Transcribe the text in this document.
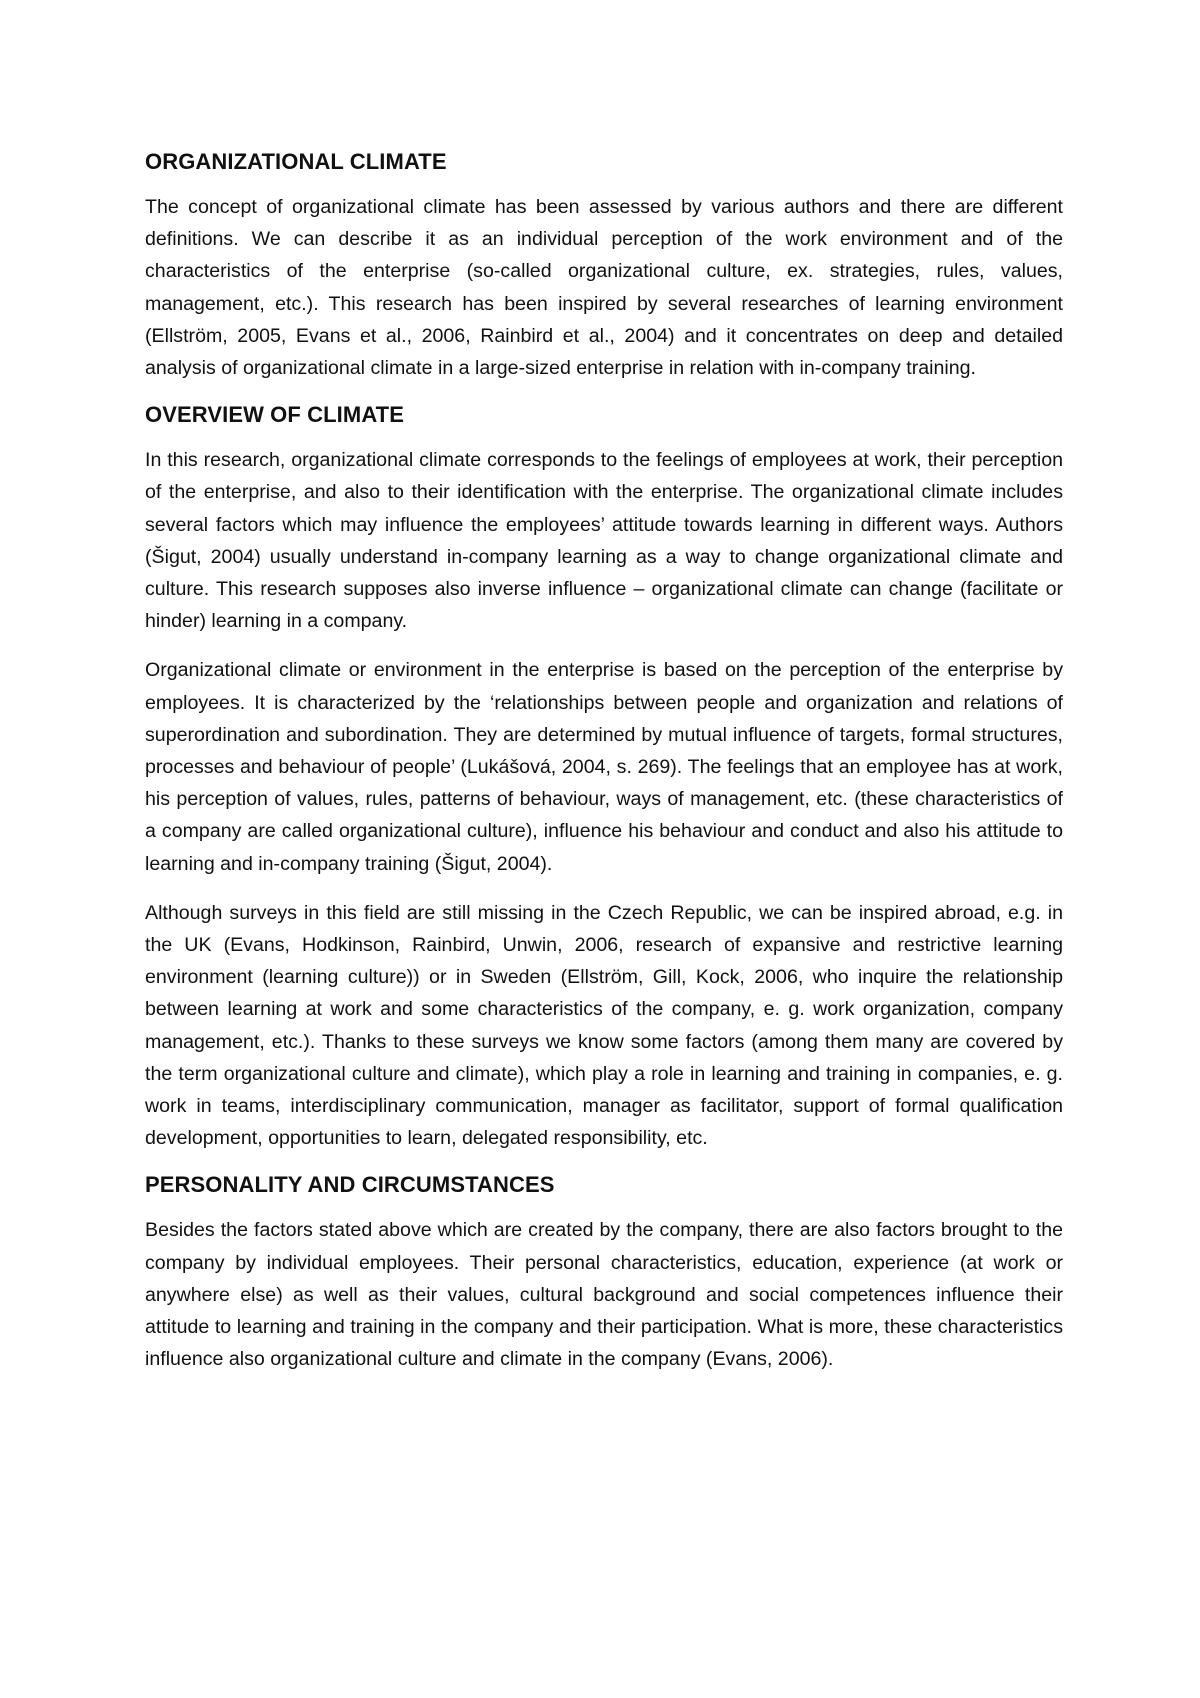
ORGANIZATIONAL CLIMATE

The concept of organizational climate has been assessed by various authors and there are different definitions. We can describe it as an individual perception of the work environment and of the characteristics of the enterprise (so-called organizational culture, ex. strategies, rules, values, management, etc.). This research has been inspired by several researches of learning environment (Ellström, 2005, Evans et al., 2006, Rainbird et al., 2004) and it concentrates on deep and detailed analysis of organizational climate in a large-sized enterprise in relation with in-company training.

OVERVIEW OF CLIMATE

In this research, organizational climate corresponds to the feelings of employees at work, their perception of the enterprise, and also to their identification with the enterprise. The organizational climate includes several factors which may influence the employees’ attitude towards learning in different ways. Authors (Šigut, 2004) usually understand in-company learning as a way to change organizational climate and culture. This research supposes also inverse influence – organizational climate can change (facilitate or hinder) learning in a company.

Organizational climate or environment in the enterprise is based on the perception of the enterprise by employees. It is characterized by the ‘relationships between people and organization and relations of superordination and subordination. They are determined by mutual influence of targets, formal structures, processes and behaviour of people’ (Lukášová, 2004, s. 269). The feelings that an employee has at work, his perception of values, rules, patterns of behaviour, ways of management, etc. (these characteristics of a company are called organizational culture), influence his behaviour and conduct and also his attitude to learning and in-company training (Šigut, 2004).

Although surveys in this field are still missing in the Czech Republic, we can be inspired abroad, e.g. in the UK (Evans, Hodkinson, Rainbird, Unwin, 2006, research of expansive and restrictive learning environment (learning culture)) or in Sweden (Ellström, Gill, Kock, 2006, who inquire the relationship between learning at work and some characteristics of the company, e. g. work organization, company management, etc.). Thanks to these surveys we know some factors (among them many are covered by the term organizational culture and climate), which play a role in learning and training in companies, e. g. work in teams, interdisciplinary communication, manager as facilitator, support of formal qualification development, opportunities to learn, delegated responsibility, etc.

PERSONALITY AND CIRCUMSTANCES

Besides the factors stated above which are created by the company, there are also factors brought to the company by individual employees. Their personal characteristics, education, experience (at work or anywhere else) as well as their values, cultural background and social competences influence their attitude to learning and training in the company and their participation. What is more, these characteristics influence also organizational culture and climate in the company (Evans, 2006).
